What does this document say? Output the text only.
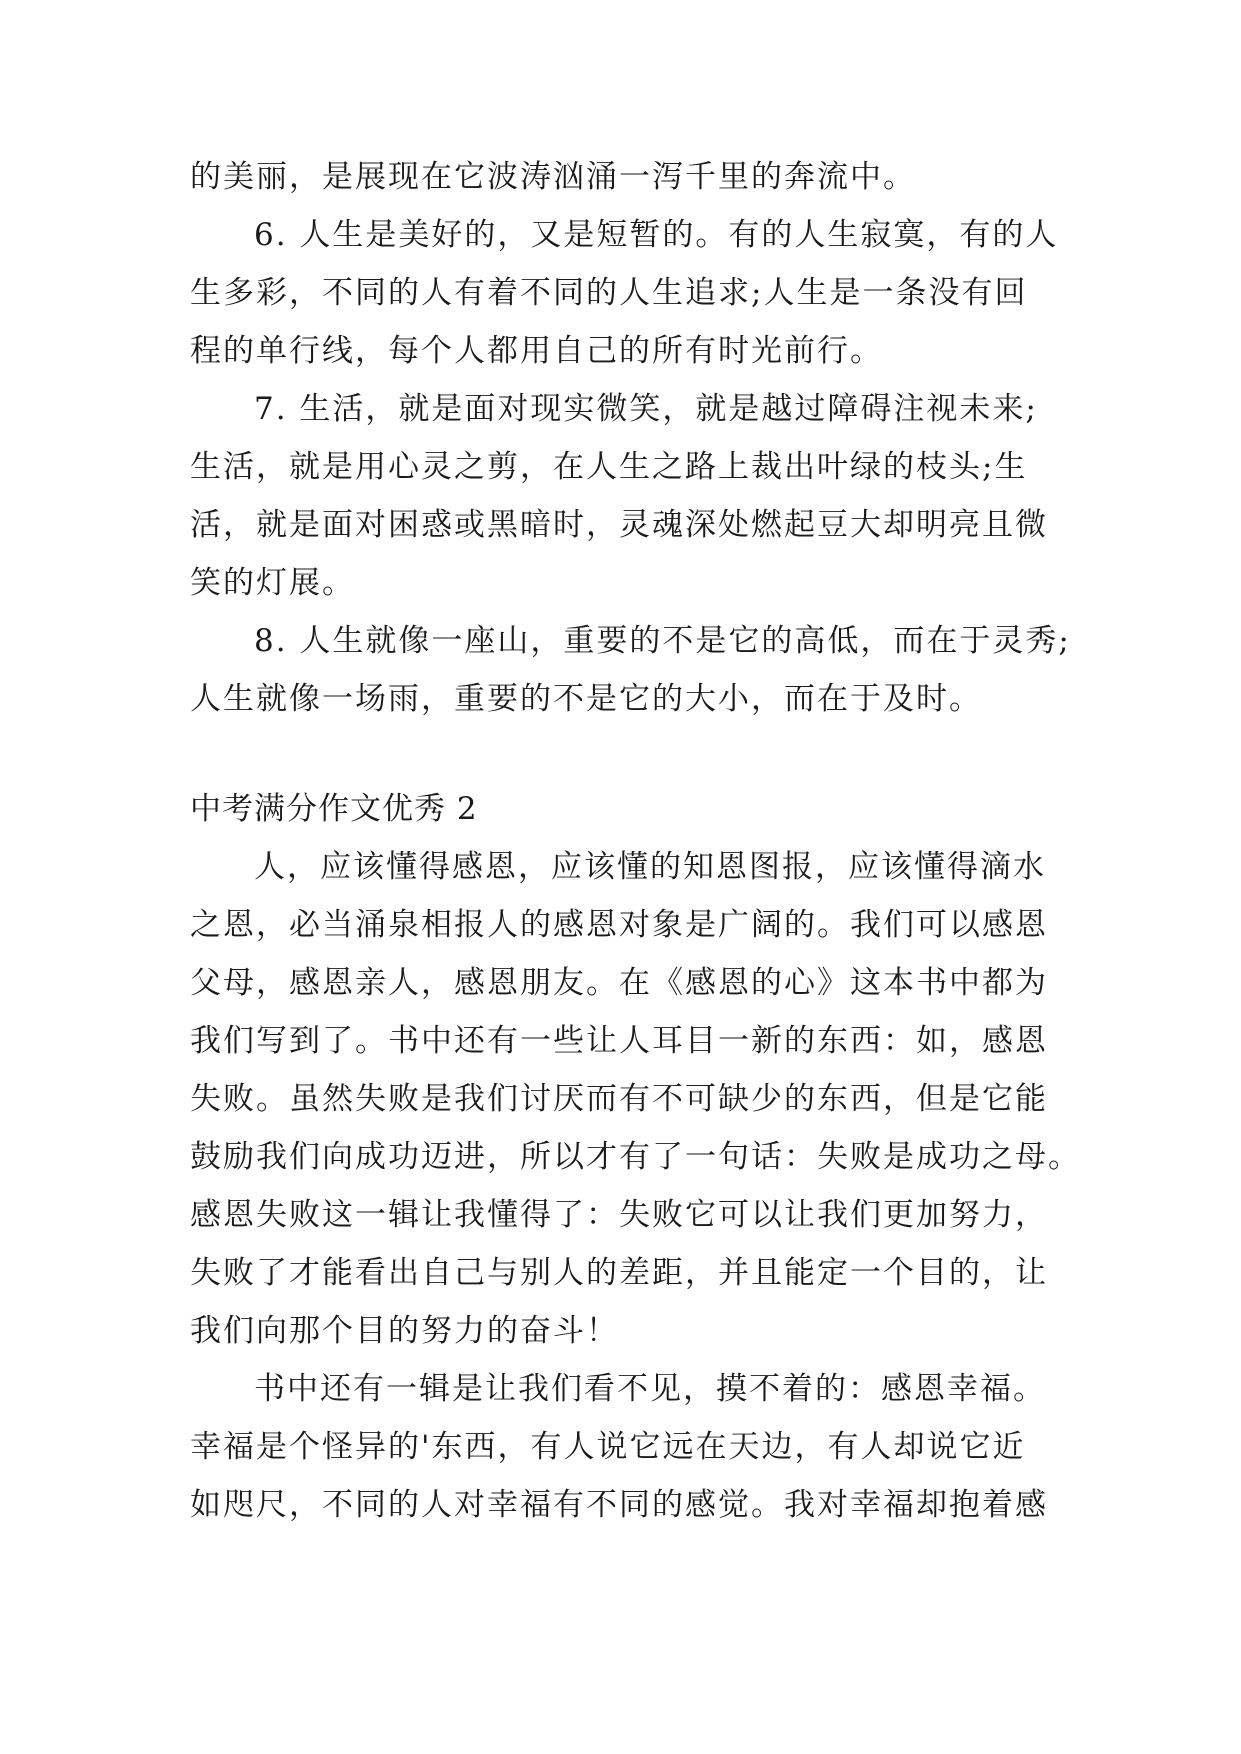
的美丽，是展现在它波涛汹涌一泻千里的奔流中。
6. 人生是美好的，又是短暂的。有的人生寂寞，有的人
生多彩，不同的人有着不同的人生追求;人生是一条没有回
程的单行线，每个人都用自己的所有时光前行。
7. 生活，就是面对现实微笑，就是越过障碍注视未来;
生活，就是用心灵之剪，在人生之路上裁出叶绿的枝头;生
活，就是面对困惑或黑暗时，灵魂深处燃起豆大却明亮且微
笑的灯展。
8. 人生就像一座山，重要的不是它的高低，而在于灵秀;
人生就像一场雨，重要的不是它的大小，而在于及时。
中考满分作文优秀 2
人，应该懂得感恩，应该懂的知恩图报，应该懂得滴水
之恩，必当涌泉相报人的感恩对象是广阔的。我们可以感恩
父母，感恩亲人，感恩朋友。在《感恩的心》这本书中都为
我们写到了。书中还有一些让人耳目一新的东西：如，感恩
失败。虽然失败是我们讨厌而有不可缺少的东西，但是它能
鼓励我们向成功迈进，所以才有了一句话：失败是成功之母。
感恩失败这一辑让我懂得了：失败它可以让我们更加努力，
失败了才能看出自己与别人的差距，并且能定一个目的，让
我们向那个目的努力的奋斗！
书中还有一辑是让我们看不见，摸不着的：感恩幸福。
幸福是个怪异的'东西，有人说它远在天边，有人却说它近
如咫尺，不同的人对幸福有不同的感觉。我对幸福却抱着感
